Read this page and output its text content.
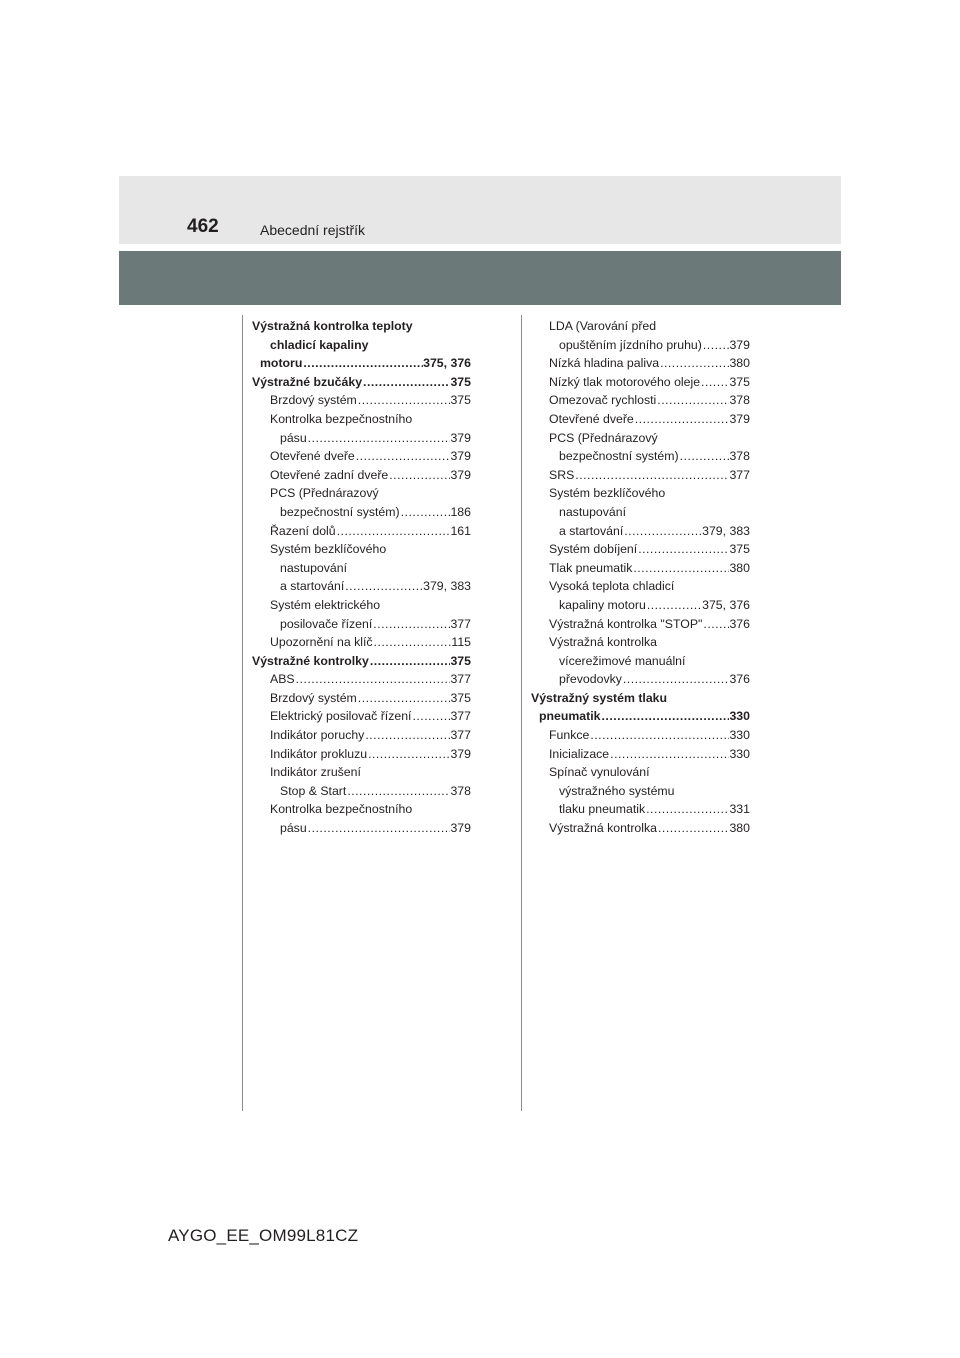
462	Abecední rejstřík
Výstražná kontrolka teploty
chladicí kapaliny
motoru .....	375, 376
Výstražné bzučáky .....	375
Brzdový systém .....	375
Kontrolka bezpečnostního
pásu .....	379
Otevřené dveře .....	379
Otevřené zadní dveře .....	379
PCS (Přednárazový
bezpečnostní systém) .....	186
Řazení dolů .....	161
Systém bezklíčového
nastupování
a startování .....	379, 383
Systém elektrického
posilovače řízení .....	377
Upozornění na klíč .....	115
Výstražné kontrolky .....	375
ABS .....	377
Brzdový systém .....	375
Elektrický posilovač řízení .....	377
Indikátor poruchy .....	377
Indikátor prokluzu .....	379
Indikátor zrušení
Stop & Start .....	378
Kontrolka bezpečnostního
pásu .....	379
LDA (Varování před
opuštěním jízdního pruhu) ..... 379
Nízká hladina paliva .....	380
Nízký tlak motorového oleje ..... 375
Omezovač rychlosti .....	378
Otevřené dveře .....	379
PCS (Přednárazový
bezpečnostní systém) .....	378
SRS .....	377
Systém bezklíčového
nastupování
a startování .....	379, 383
Systém dobíjení .....	375
Tlak pneumatik .....	380
Vysoká teplota chladicí
kapaliny motoru .....	375, 376
Výstražná kontrolka "STOP" ..... 376
Výstražná kontrolka
vícerežimové manuální
převodovky .....	376
Výstražný systém tlaku
pneumatik .....	330
Funkce .....	330
Inicializace .....	330
Spínač vynulování
výstražného systému
tlaku pneumatik .....	331
Výstražná kontrolka .....	380
AYGO_EE_OM99L81CZ
